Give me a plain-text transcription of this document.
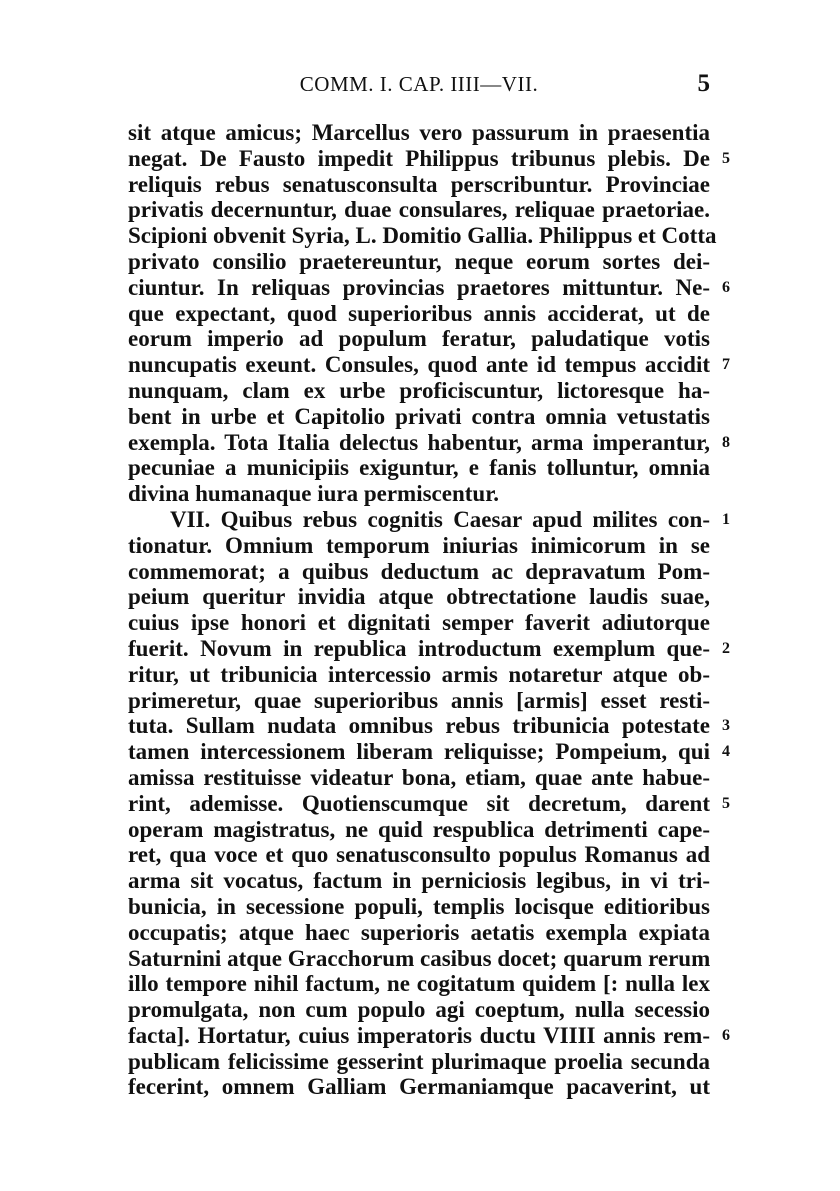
COMM. I. CAP. IIII—VII.	5
sit atque amicus; Marcellus vero passurum in praesentia
negat. De Fausto impedit Philippus tribunus plebis. De 5
reliquis rebus senatusconsulta perscribuntur. Provinciae
privatis decernuntur, duae consulares, reliquae praetoriae.
Scipioni obvenit Syria, L. Domitio Gallia. Philippus et Cotta
privato consilio praetereuntur, neque eorum sortes dei-
ciuntur. In reliquas provincias praetores mittuntur. Ne- 6
que expectant, quod superioribus annis acciderat, ut de
eorum imperio ad populum feratur, paludatique votis
nuncupatis exeunt. Consules, quod ante id tempus accidit 7
nunquam, clam ex urbe proficiscuntur, lictoresque ha-
bent in urbe et Capitolio privati contra omnia vetustatis
exempla. Tota Italia delectus habentur, arma imperantur, 8
pecuniae a municipiis exiguntur, e fanis tolluntur, omnia
divina humanaque iura permiscentur.
VII. Quibus rebus cognitis Caesar apud milites con- 1
tionatur. Omnium temporum iniurias inimicorum in se
commemorat; a quibus deductum ac depravatum Pom-
peium queritur invidia atque obtrectatione laudis suae,
cuius ipse honori et dignitati semper faverit adiutorque
fuerit. Novum in republica introductum exemplum que- 2
ritur, ut tribunicia intercessio armis notaretur atque ob-
primeretur, quae superioribus annis [armis] esset resti-
tuta. Sullam nudata omnibus rebus tribunicia potestate 3
tamen intercessionem liberam reliquisse; Pompeium, qui 4
amissa restituisse videatur bona, etiam, quae ante habue-
rint, ademisse. Quotienscumque sit decretum, darent 5
operam magistratus, ne quid respublica detrimenti cape-
ret, qua voce et quo senatusconsulto populus Romanus ad
arma sit vocatus, factum in perniciosis legibus, in vi tri-
bunicia, in secessione populi, templis locisque editioribus
occupatis; atque haec superioris aetatis exempla expiata
Saturnini atque Gracchorum casibus docet; quarum rerum
illo tempore nihil factum, ne cogitatum quidem [: nulla lex
promulgata, non cum populo agi coeptum, nulla secessio
facta]. Hortatur, cuius imperatoris ductu VIIII annis rem- 6
publicam felicissime gesserint plurimaque proelia secunda
fecerint, omnem Galliam Germaniamque pacaverint, ut
